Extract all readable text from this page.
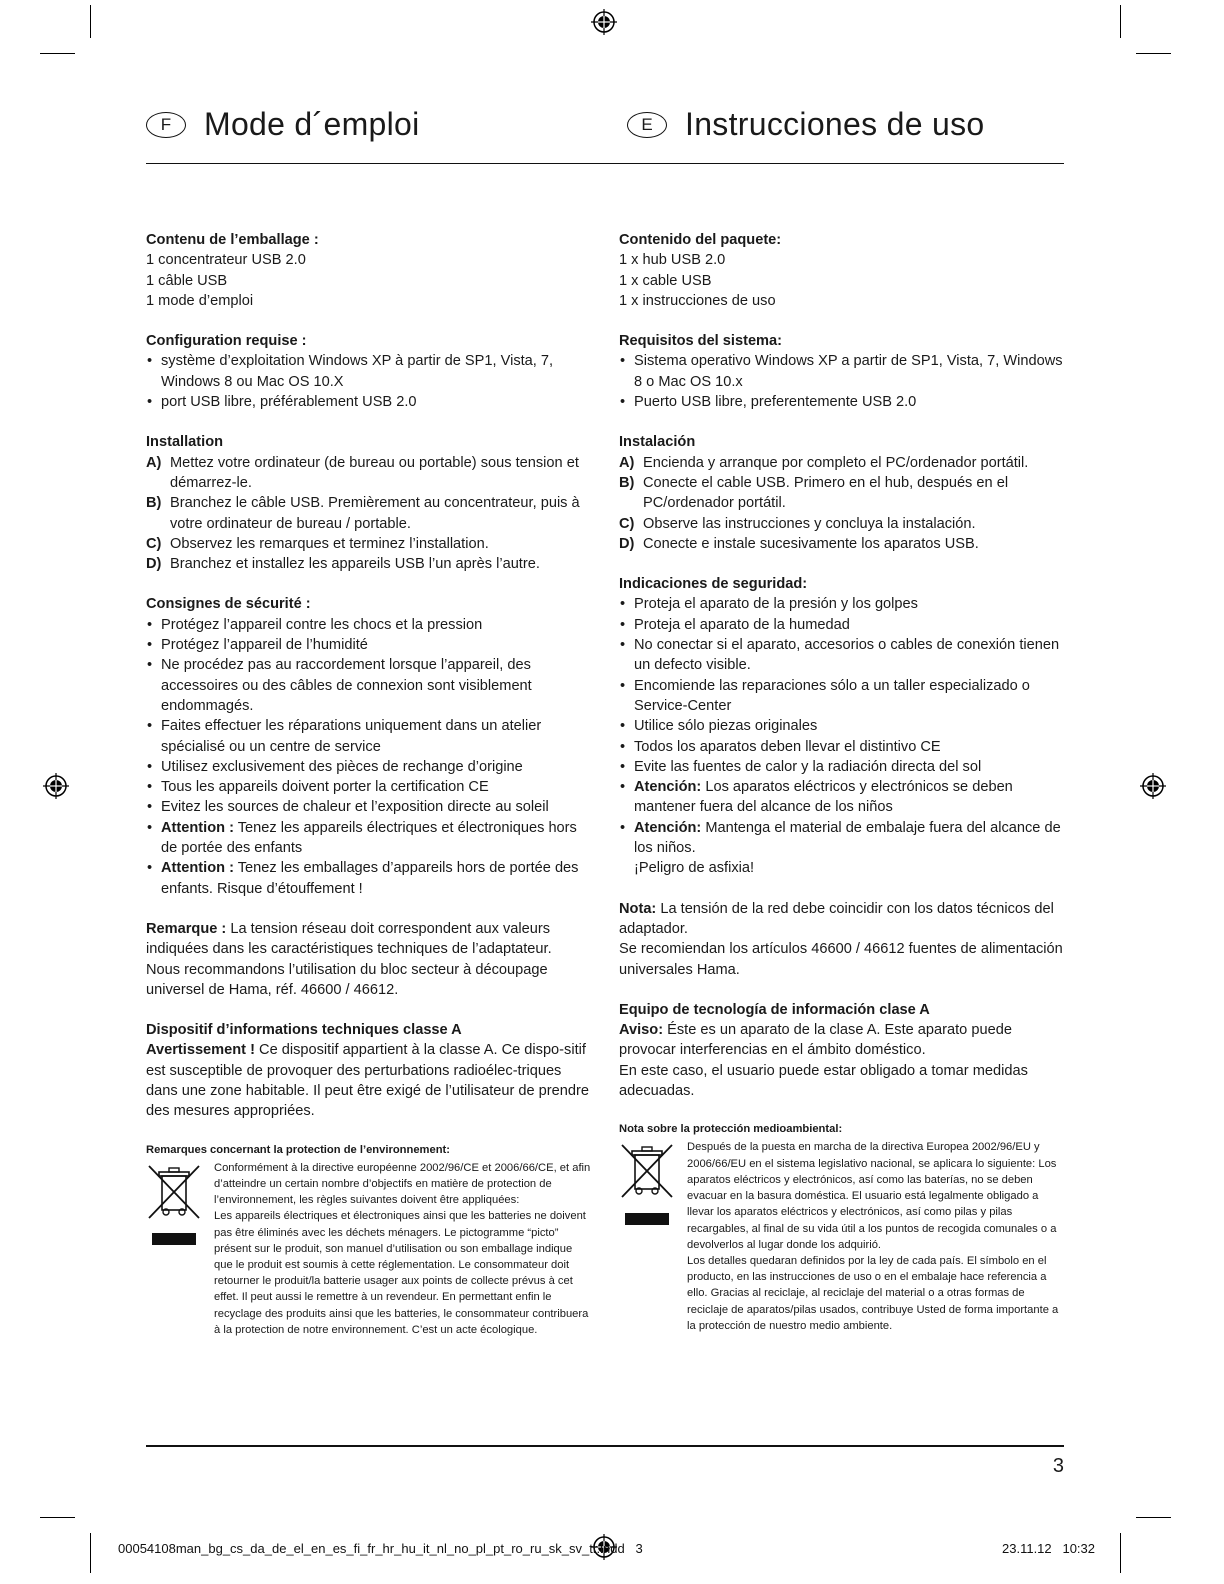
F	Mode d´emploi	E	Instrucciones de uso
Contenu de l’emballage :
1 concentrateur USB 2.0
1 câble USB
1 mode d’emploi
Configuration requise :
• système d’exploitation Windows XP à partir de SP1, Vista, 7, Windows 8 ou Mac OS 10.X
• port USB libre, préférablement USB 2.0
Installation
A) Mettez votre ordinateur (de bureau ou portable) sous tension et démarrez-le.
B) Branchez le câble USB. Premièrement au concentrateur, puis à votre ordinateur de bureau / portable.
C) Observez les remarques et terminez l’installation.
D) Branchez et installez les appareils USB l’un après l’autre.
Consignes de sécurité :
• Protégez l’appareil contre les chocs et la pression
• Protégez l’appareil de l’humidité
• Ne procédez pas au raccordement lorsque l’appareil, des accessoires ou des câbles de connexion sont visiblement endommagés.
• Faites effectuer les réparations uniquement dans un atelier spécialisé ou un centre de service
• Utilisez exclusivement des pièces de rechange d’origine
• Tous les appareils doivent porter la certification CE
• Evitez les sources de chaleur et l’exposition directe au soleil
• Attention : Tenez les appareils électriques et électroniques hors de portée des enfants
• Attention : Tenez les emballages d’appareils hors de portée des enfants. Risque d’étouffement !

Remarque : La tension réseau doit correspondent aux valeurs indiquées dans les caractéristiques techniques de l’adaptateur.

Nous recommandons l’utilisation du bloc secteur à découpage universel de Hama, réf. 46600 / 46612.

Dispositif d’informations techniques classe A

Avertissement ! Ce dispositif appartient à la classe A. Ce dispo-sitif est susceptible de provoquer des perturbations radioélec-triques dans une zone habitable. Il peut être exigé de l’utilisateur de prendre des mesures appropriées.

Remarques concernant la protection de l’environnement:
Conformément à la directive européenne 2002/96/CE et 2006/66/CE, et afin d’atteindre un certain nombre d’objectifs en matière de protection de l’environnement, les règles suivantes doivent être appliquées:
Les appareils électriques et électroniques ainsi que les batteries ne doivent pas être éliminés avec les déchets ménagers. Le pictogramme “picto” présent sur le produit, son manuel d’utilisation ou son emballage indique que le produit est soumis à cette réglementation. Le consommateur doit retourner le produit/la batterie usager aux points de collecte prévus à cet effet. Il peut aussi le remettre à un revendeur. En permettant enfin le recyclage des produits ainsi que les batteries, le consommateur contribuera à la protection de notre environnement. C’est un acte écologique.
Contenido del paquete:
1 x hub USB 2.0
1 x cable USB
1 x instrucciones de uso
Requisitos del sistema:
• Sistema operativo Windows XP a partir de SP1, Vista, 7, Windows 8 o Mac OS 10.x
• Puerto USB libre, preferentemente USB 2.0
Instalación
A) Encienda y arranque por completo el PC/ordenador portátil.
B) Conecte el cable USB. Primero en el hub, después en el PC/ordenador portátil.
C) Observe las instrucciones y concluya la instalación.
D) Conecte e instale sucesivamente los aparatos USB.
Indicaciones de seguridad:
• Proteja el aparato de la presión y los golpes
• Proteja el aparato de la humedad
• No conectar si el aparato, accesorios o cables de conexión tienen un defecto visible.
• Encomiende las reparaciones sólo a un taller especializado o Service-Center
• Utilice sólo piezas originales
• Todos los aparatos deben llevar el distintivo CE
• Evite las fuentes de calor y la radiación directa del sol
• Atención: Los aparatos eléctricos y electrónicos se deben mantener fuera del alcance de los niños
• Atención: Mantenga el material de embalaje fuera del alcance de los niños.
¡Peligro de asfixia!

Nota: La tensión de la red debe coincidir con los datos técnicos del adaptador.

Se recomiendan los artículos 46600 / 46612 fuentes de alimentación universales Hama.

Equipo de tecnología de información clase A

Aviso: Éste es un aparato de la clase A. Este aparato puede provocar interferencias en el ámbito doméstico.

En este caso, el usuario puede estar obligado a tomar medidas adecuadas.

Nota sobre la protección medioambiental:
Después de la puesta en marcha de la directiva Europea 2002/96/EU y 2006/66/EU en el sistema legislativo nacional, se aplicara lo siguiente: Los aparatos eléctricos y electrónicos, así como las baterías, no se deben evacuar en la basura doméstica. El usuario está legalmente obligado a llevar los aparatos eléctricos y electrónicos, así como pilas y pilas recargables, al final de su vida útil a los puntos de recogida comunales o a devolverlos al lugar donde los adquirió.
Los detalles quedaran definidos por la ley de cada país. El símbolo en el producto, en las instrucciones de uso o en el embalaje hace referencia a ello. Gracias al reciclaje, al reciclaje del material o a otras formas de reciclaje de aparatos/pilas usados, contribuye Usted de forma importante a la protección de nuestro medio ambiente.
3
00054108man_bg_cs_da_de_el_en_es_fi_fr_hr_hu_it_nl_no_pl_pt_ro_ru_sk_sv_tr.indd   3	23.11.12   10:32
